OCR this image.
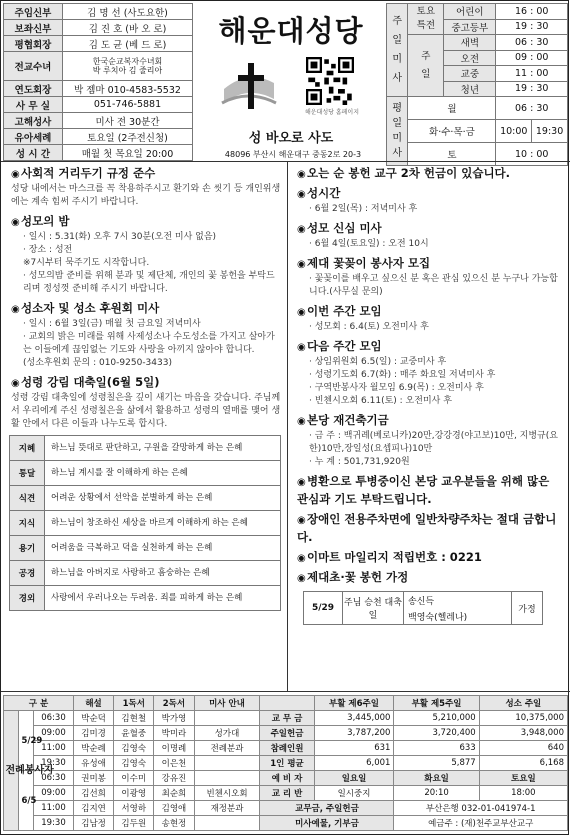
주임신부	김 명 선 (사도요한)
보좌신부	김 진 호 (바 오 로)
평협회장	김 도 균 (베 드 로)
전교수녀	한국순교복자수녀회
박 루치아 김 줄리아

연도회장	박 젬마 010-4583-5532
사 무 실	051-746-5881
고해성사	미사 전 30분간
유아세례	토요일 (2주전신청)
성 시 간	매월 첫 목요일 20:00
해운대성당
해운대성당 홈페이지
성 바오로 사도
48096 부산시 해운대구 중동2로 20-3
주일미사	토요
특전	어린이	16 : 00	
		중고등부	19 : 30	
	주일	새벽	06 : 30	
		오전	09 : 00	
		교중	11 : 00	
		청년	19 : 30	
평일미사	월		06 : 30	
	화·수·목·금		10:00	19:30
	토		10 : 00	
◉사회적 거리두기 규정 준수
성당 내에서는 마스크를 꼭 착용하주시고 환기와 손 씻기 등 개인위생에는 계속 힘써 주시기 바랍니다.
◉성모의 밤
· 일시 : 5.31(화) 오후 7시 30분(오전 미사 없음)
· 장소 : 성전
※7시부터 묵주기도 시작합니다.
· 성모의밤 준비를 위해 분과 및 제단체, 개인의 꽃 봉헌을 부탁드리며 정성껏 준비해 주시기 바랍니다.
◉성소자 및 성소 후원회 미사
· 일시 : 6월 3일(금) 매월 첫 금요일 저녁미사
· 교회의 밝은 미래를 위해 사제성소나 수도성소를 가지고 살아가는 이들에게 끊임없는 기도와 사랑을 아끼지 않아야 합니다.
(성소후원회 문의 : 010-9250-3433)
◉성령 강림 대축일(6월 5일)
성령 강림 대축일에 성령칠은을 깊이 새기는 마음을 갖습니다. 주님께서 우리에게 주신 성령칠은을 삶에서 활용하고 성령의 열매를 맺어 생활 안에서 다른 이들과 나누도록 합시다.
지혜	하느님 뜻대로 판단하고, 구원을 갈망하게 하는 은혜
통달	하느님 계시를 잘 이해하게 하는 은혜
식견	어려운 상황에서 선악을 분별하게 하는 은혜
지식	하느님이 창조하신 세상을 바르게 이해하게 하는 은혜
용기	어려움을 극복하고 덕을 실천하게 하는 은혜
공경	하느님을 아버지로 사랑하고 흠숭하는 은혜
경외	사랑에서 우러나오는 두려움. 죄를 피하게 하는 은혜
◉오는 순 봉헌 교구 2차 헌금이 있습니다.
◉성시간
· 6월 2일(목) : 저녁미사 후
◉성모 신심 미사
· 6월 4일(토요일) : 오전 10시
◉제대 꽃꽂이 봉사자 모집
· 꽃꽂이를 배우고 싶으신 분 혹은 관심 있으신 분 누구나 가능합니다.(사무실 문의)
◉이번 주간 모임
· 성모회 : 6.4(토) 오전미사 후
◉다음 주간 모임
· 상임위원회 6.5(일) : 교중미사 후
· 성령기도회 6.7(화) : 매주 화요일 저녁미사 후
· 구역반봉사자 월모임 6.9(목) : 오전미사 후
· 빈첸시오회 6.11(토) : 오전미사 후
◉본당 재건축기금
· 금 주 : 백귀례(베로니카)20만,강강경(야고보)10만, 지병규(요한)10만,장일성(요셉피나)10만
· 누 계 : 501,731,920원
◉병환으로 투병중이신 본당 교우분들을 위해 많은 관심과 기도 부탁드립니다.
◉장애인 전용주차면에 일반차량주차는 절대 금합니다.
◉이마트 마일리지 적립번호 : 0221
◉제대초·꽃 봉헌 가정
5/29	주님 승천 대축일	송신득	가정
백영숙(헬레나)
구 분			해설	1독서	2독서	미사 안내		부활 제6주일	부활 제5주일	성소 주일
전례봉사자	5/29	06:30	박순덕	김현철	박가영		교 무 금	3,445,000	5,210,000	10,375,000
		09:00	김미경	윤혈중	박미라	성가대	주일헌금	3,787,200	3,720,400	3,948,000
		11:00	박순례	김영숙	이명례	전례분과	참례인원	631	633	640
		19:30	유성애	김영숙	이은천		1인 평균	6,001	5,877	6,168
	6/5	06:30	권미봉	이수미	강유진		예 비 자	일요일	화요일	토요일
		09:00	김선희	이광영	최순희	빈첸시오회	교 리 반	일시중지	20:10	18:00
		11:00	김지연	서영하	김영애	재정분과	교무금, 주일헌금		부산은행 032-01-041974-1	
		19:30	김남정	김두원	송현정		미사예물, 기부금		예금주 : (재)천주교부산교구	
